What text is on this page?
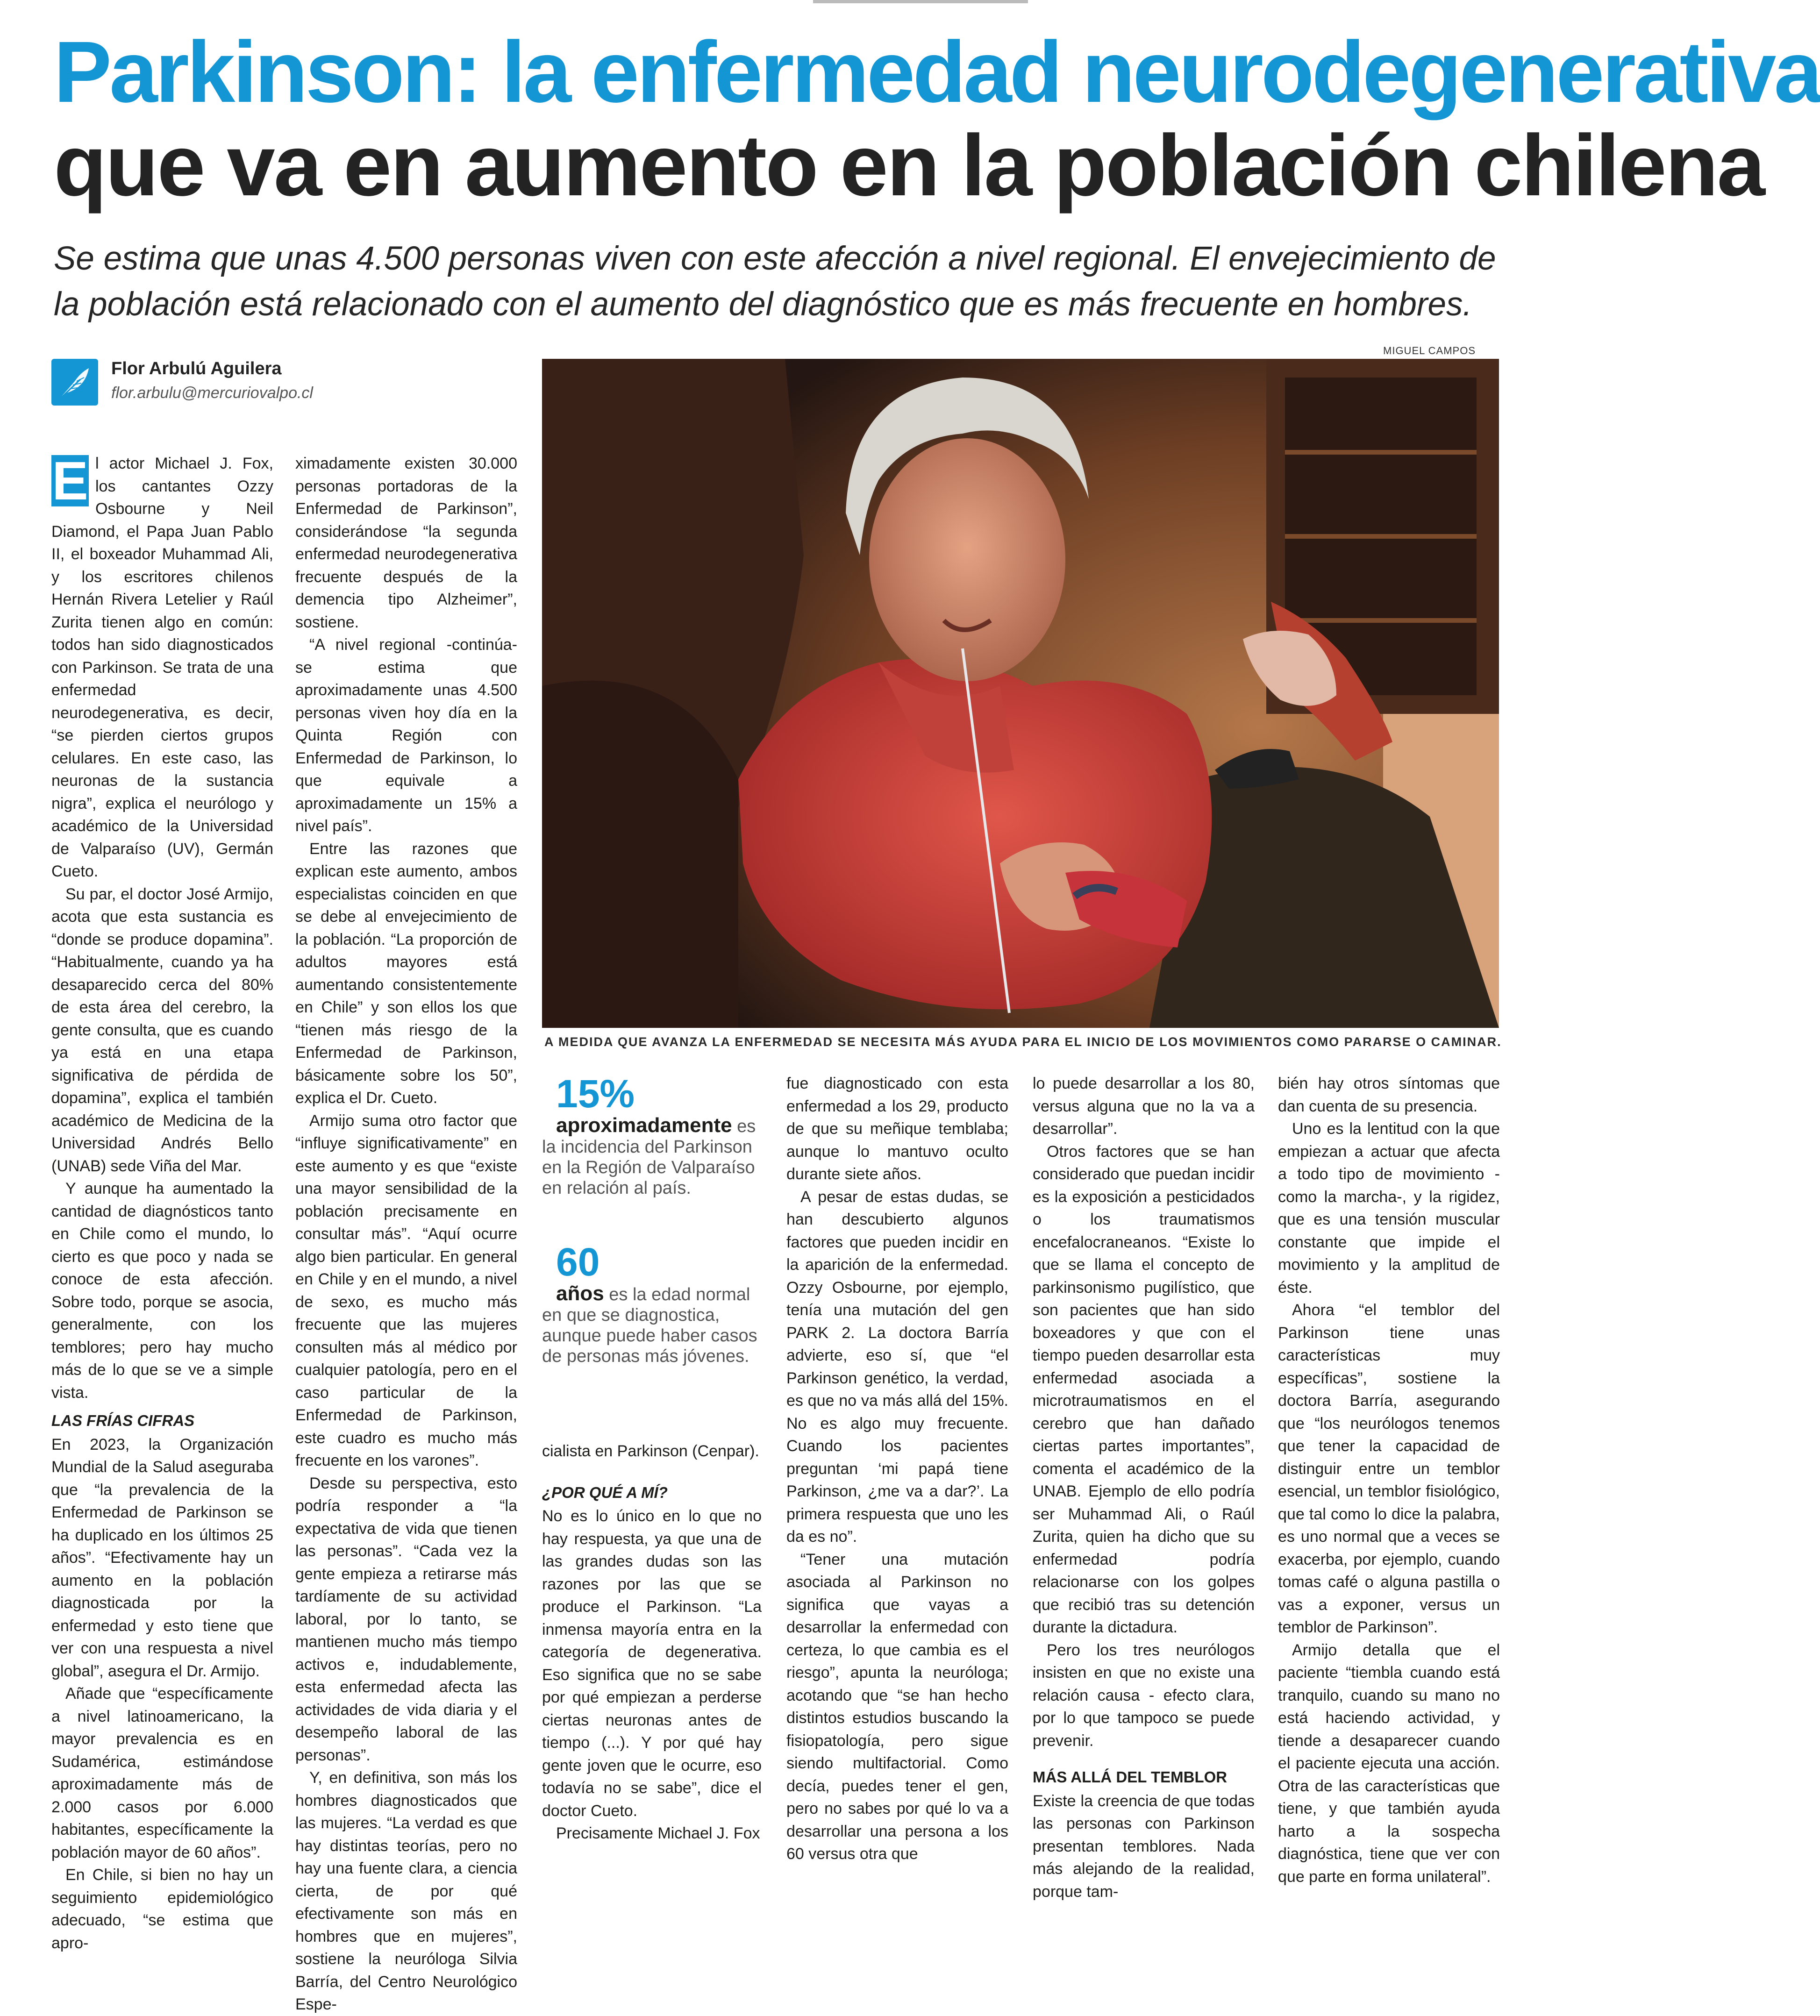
Parkinson: la enfermedad neurodegenerativa
que va en aumento en la población chilena
Se estima que unas 4.500 personas viven con este afección a nivel regional. El envejecimiento de la población está relacionado con el aumento del diagnóstico que es más frecuente en hombres.
Flor Arbulú Aguilera
flor.arbulu@mercuriovalpo.cl
MIGUEL CAMPOS
A MEDIDA QUE AVANZA LA ENFERMEDAD SE NECESITA MÁS AYUDA PARA EL INICIO DE LOS MOVIMIENTOS COMO PARARSE O CAMINAR.

E l actor Michael J. Fox, los cantantes Ozzy Osbourne y Neil Diamond, el Papa Juan Pablo II, el boxeador Muhammad Ali, y los escritores chilenos Hernán Rivera Letelier y Raúl Zurita tienen algo en común: todos han sido diagnosticados con Parkinson. Se trata de una enfermedad neurodegenerativa, es decir, “se pierden ciertos grupos celulares. En este caso, las neuronas de la sustancia nigra”, explica el neurólogo y académico de la Universidad de Valparaíso (UV), Germán Cueto.

Su par, el doctor José Armijo, acota que esta sustancia es “donde se produce dopamina”. “Habitualmente, cuando ya ha desaparecido cerca del 80% de esta área del cerebro, la gente consulta, que es cuando ya está en una etapa significativa de pérdida de dopamina”, explica el también académico de Medicina de la Universidad Andrés Bello (UNAB) sede Viña del Mar.

Y aunque ha aumentado la cantidad de diagnósticos tanto en Chile como el mundo, lo cierto es que poco y nada se conoce de esta afección. Sobre todo, porque se asocia, generalmente, con los temblores; pero hay mucho más de lo que se ve a simple vista.

LAS FRÍAS CIFRAS

En 2023, la Organización Mundial de la Salud aseguraba que “la prevalencia de la Enfermedad de Parkinson se ha duplicado en los últimos 25 años”. “Efectivamente hay un aumento en la población diagnosticada por la enfermedad y esto tiene que ver con una respuesta a nivel global”, asegura el Dr. Armijo.

Añade que “específicamente a nivel latinoamericano, la mayor prevalencia es en Sudamérica, estimándose aproximadamente más de 2.000 casos por 6.000 habitantes, específicamente la población mayor de 60 años”.

En Chile, si bien no hay un seguimiento epidemiológico adecuado, “se estima que apro-

ximadamente existen 30.000 personas portadoras de la Enfermedad de Parkinson”, considerándose “la segunda enfermedad neurodegenerativa frecuente después de la demencia tipo Alzheimer”, sostiene.

“A nivel regional -continúa- se estima que aproximadamente unas 4.500 personas viven hoy día en la Quinta Región con Enfermedad de Parkinson, lo que equivale a aproximadamente un 15% a nivel país”.

Entre las razones que explican este aumento, ambos especialistas coinciden en que se debe al envejecimiento de la población. “La proporción de adultos mayores está aumentando consistentemente en Chile” y son ellos los que “tienen más riesgo de la Enfermedad de Parkinson, básicamente sobre los 50”, explica el Dr. Cueto.

Armijo suma otro factor que “influye significativamente” en este aumento y es que “existe una mayor sensibilidad de la población precisamente en consultar más”. “Aquí ocurre algo bien particular. En general en Chile y en el mundo, a nivel de sexo, es mucho más frecuente que las mujeres consulten más al médico por cualquier patología, pero en el caso particular de la Enfermedad de Parkinson, este cuadro es mucho más frecuente en los varones”.

Desde su perspectiva, esto podría responder a “la expectativa de vida que tienen las personas”. “Cada vez la gente empieza a retirarse más tardíamente de su actividad laboral, por lo tanto, se mantienen mucho más tiempo activos e, indudablemente, esta enfermedad afecta las actividades de vida diaria y el desempeño laboral de las personas”.

Y, en definitiva, son más los hombres diagnosticados que las mujeres. “La verdad es que hay distintas teorías, pero no hay una fuente clara, a ciencia cierta, de por qué efectivamente son más en hombres que en mujeres”, sostiene la neuróloga Silvia Barría, del Centro Neurológico Espe-

15%

aproximadamente es la incidencia del Parkinson en la Región de Valparaíso en relación al país.

60

años es la edad normal en que se diagnostica, aunque puede haber casos de personas más jóvenes.

cialista en Parkinson (Cenpar).

¿POR QUÉ A MÍ?

No es lo único en lo que no hay respuesta, ya que una de las grandes dudas son las razones por las que se produce el Parkinson. “La inmensa mayoría entra en la categoría de degenerativa. Eso significa que no se sabe por qué empiezan a perderse ciertas neuronas antes de tiempo (...). Y por qué hay gente joven que le ocurre, eso todavía no se sabe”, dice el doctor Cueto.

Precisamente Michael J. Fox

fue diagnosticado con esta enfermedad a los 29, producto de que su meñique temblaba; aunque lo mantuvo oculto durante siete años.

A pesar de estas dudas, se han descubierto algunos factores que pueden incidir en la aparición de la enfermedad. Ozzy Osbourne, por ejemplo, tenía una mutación del gen PARK 2. La doctora Barría advierte, eso sí, que “el Parkinson genético, la verdad, es que no va más allá del 15%. No es algo muy frecuente. Cuando los pacientes preguntan ‘mi papá tiene Parkinson, ¿me va a dar?’. La primera respuesta que uno les da es no”.

“Tener una mutación asociada al Parkinson no significa que vayas a desarrollar la enfermedad con certeza, lo que cambia es el riesgo”, apunta la neuróloga; acotando que “se han hecho distintos estudios buscando la fisiopatología, pero sigue siendo multifactorial. Como decía, puedes tener el gen, pero no sabes por qué lo va a desarrollar una persona a los 60 versus otra que

lo puede desarrollar a los 80, versus alguna que no la va a desarrollar”.

Otros factores que se han considerado que puedan incidir es la exposición a pesticidados o los traumatismos encefalocraneanos. “Existe lo que se llama el concepto de parkinsonismo pugilístico, que son pacientes que han sido boxeadores y que con el tiempo pueden desarrollar esta enfermedad asociada a microtraumatismos en el cerebro que han dañado ciertas partes importantes”, comenta el académico de la UNAB. Ejemplo de ello podría ser Muhammad Ali, o Raúl Zurita, quien ha dicho que su enfermedad podría relacionarse con los golpes que recibió tras su detención durante la dictadura.

Pero los tres neurólogos insisten en que no existe una relación causa - efecto clara, por lo que tampoco se puede prevenir.

MÁS ALLÁ DEL TEMBLOR

Existe la creencia de que todas las personas con Parkinson presentan temblores. Nada más alejando de la realidad, porque tam-

bién hay otros síntomas que dan cuenta de su presencia.

Uno es la lentitud con la que empiezan a actuar que afecta a todo tipo de movimiento -como la marcha-, y la rigidez, que es una tensión muscular constante que impide el movimiento y la amplitud de éste.

Ahora “el temblor del Parkinson tiene unas características muy específicas”, sostiene la doctora Barría, asegurando que “los neurólogos tenemos que tener la capacidad de distinguir entre un temblor esencial, un temblor fisiológico, que tal como lo dice la palabra, es uno normal que a veces se exacerba, por ejemplo, cuando tomas café o alguna pastilla o vas a exponer, versus un temblor de Parkinson”.

Armijo detalla que el paciente “tiembla cuando está tranquilo, cuando su mano no está haciendo actividad, y tiende a desaparecer cuando el paciente ejecuta una acción. Otra de las características que tiene, y que también ayuda harto a la sospecha diagnóstica, tiene que ver con que parte en forma unilateral”.
